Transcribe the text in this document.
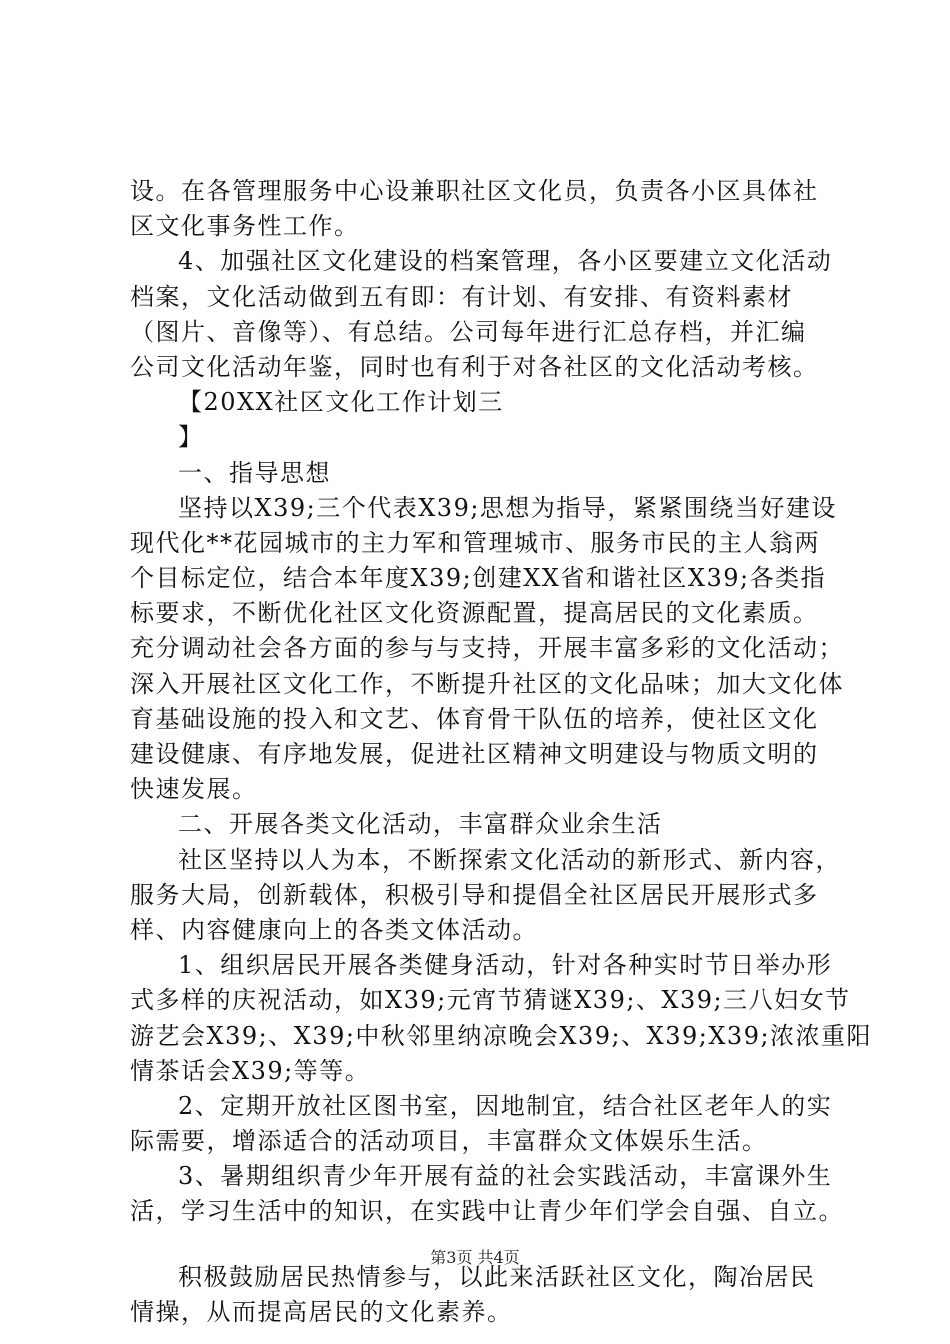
设。在各管理服务中心设兼职社区文化员，负责各小区具体社
区文化事务性工作。
4、加强社区文化建设的档案管理，各小区要建立文化活动
档案，文化活动做到五有即：有计划、有安排、有资料素材
（图片、音像等）、有总结。公司每年进行汇总存档，并汇编
公司文化活动年鉴，同时也有利于对各社区的文化活动考核。
【20XX社区文化工作计划三
】
一、指导思想
坚持以X39;三个代表X39;思想为指导，紧紧围绕当好建设
现代化**花园城市的主力军和管理城市、服务市民的主人翁两
个目标定位，结合本年度X39;创建XX省和谐社区X39;各类指
标要求，不断优化社区文化资源配置，提高居民的文化素质。
充分调动社会各方面的参与与支持，开展丰富多彩的文化活动；
深入开展社区文化工作，不断提升社区的文化品味；加大文化体
育基础设施的投入和文艺、体育骨干队伍的培养，使社区文化
建设健康、有序地发展，促进社区精神文明建设与物质文明的
快速发展。
二、开展各类文化活动，丰富群众业余生活
社区坚持以人为本，不断探索文化活动的新形式、新内容，
服务大局，创新载体，积极引导和提倡全社区居民开展形式多
样、内容健康向上的各类文体活动。
1、组织居民开展各类健身活动，针对各种实时节日举办形
式多样的庆祝活动，如X39;元宵节猜谜X39;、X39;三八妇女节
游艺会X39;、X39;中秋邻里纳凉晚会X39;、X39;X39;浓浓重阳
情茶话会X39;等等。
2、定期开放社区图书室，因地制宜，结合社区老年人的实
际需要，增添适合的活动项目，丰富群众文体娱乐生活。
3、暑期组织青少年开展有益的社会实践活动，丰富课外生
活，学习生活中的知识，在实践中让青少年们学会自强、自立。
积极鼓励居民热情参与，以此来活跃社区文化，陶冶居民
情操，从而提高居民的文化素养。
第3页 共4页
